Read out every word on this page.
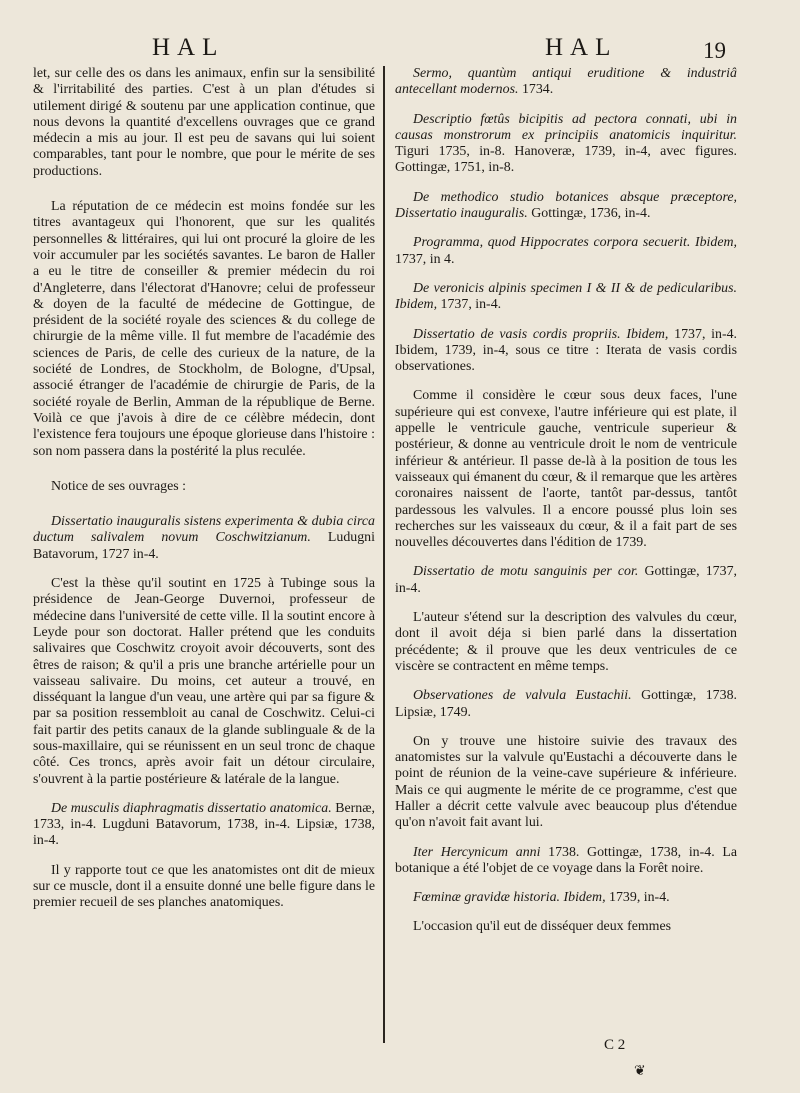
HAL	HAL	19

let, sur celle des os dans les animaux, enfin sur la sensibilité & l'irritabilité des parties. C'est à un plan d'études si utilement dirigé & soutenu par une application continue, que nous devons la quantité d'excellens ouvrages que ce grand médecin a mis au jour. Il est peu de savans qui lui soient comparables, tant pour le nombre, que pour le mérite de ses productions.

La réputation de ce médecin est moins fondée sur les titres avantageux qui l'honorent, que sur les qualités personnelles & littéraires, qui lui ont procuré la gloire de les voir accumuler par les sociétés savantes. Le baron de Haller a eu le titre de conseiller & premier médecin du roi d'Angleterre, dans l'électorat d'Hanovre; celui de professeur & doyen de la faculté de médecine de Gottingue, de président de la société royale des sciences & du college de chirurgie de la même ville. Il fut membre de l'académie des sciences de Paris, de celle des curieux de la nature, de la société de Londres, de Stockholm, de Bologne, d'Upsal, associé étranger de l'académie de chirurgie de Paris, de la société royale de Berlin, Amman de la république de Berne. Voilà ce que j'avois à dire de ce célèbre médecin, dont l'existence fera toujours une époque glorieuse dans l'histoire : son nom passera dans la postérité la plus reculée.

Notice de ses ouvrages :

Dissertatio inauguralis sistens experimenta & dubia circa ductum salivalem novum Coschwitzianum. Ludugni Batavorum, 1727 in-4.

C'est la thèse qu'il soutint en 1725 à Tubinge sous la présidence de Jean-George Duvernoi, professeur de médecine dans l'université de cette ville. Il la soutint encore à Leyde pour son doctorat. Haller prétend que les conduits salivaires que Coschwitz croyoit avoir découverts, sont des êtres de raison; & qu'il a pris une branche artérielle pour un vaisseau salivaire. Du moins, cet auteur a trouvé, en disséquant la langue d'un veau, une artère qui par sa figure & par sa position ressembloit au canal de Coschwitz. Celui-ci fait partir des petits canaux de la glande sublinguale & de la sous-maxillaire, qui se réunissent en un seul tronc de chaque côté. Ces troncs, après avoir fait un détour circulaire, s'ouvrent à la partie postérieure & latérale de la langue.

De musculis diaphragmatis dissertatio anatomica. Bernæ, 1733, in-4. Lugduni Batavorum, 1738, in-4. Lipsiæ, 1738, in-4.

Il y rapporte tout ce que les anatomistes ont dit de mieux sur ce muscle, dont il a ensuite donné une belle figure dans le premier recueil de ses planches anatomiques.

Sermo, quantùm antiqui eruditione & industriâ antecellant modernos. 1734.

Descriptio fœtûs bicipitis ad pectora connati, ubi in causas monstrorum ex principiis anatomicis inquiritur. Tiguri 1735, in-8. Hanoveræ, 1739, in-4, avec figures. Gottingæ, 1751, in-8.

De methodico studio botanices absque præceptore, Dissertatio inauguralis. Gottingæ, 1736, in-4.

Programma, quod Hippocrates corpora secuerit. Ibidem, 1737, in 4.

De veronicis alpinis specimen I & II & de pedicularibus. Ibidem, 1737, in-4.

Dissertatio de vasis cordis propriis. Ibidem, 1737, in-4. Ibidem, 1739, in-4, sous ce titre : Iterata de vasis cordis observationes.

Comme il considère le cœur sous deux faces, l'une supérieure qui est convexe, l'autre inférieure qui est plate, il appelle le ventricule gauche, ventricule superieur & postérieur, & donne au ventricule droit le nom de ventricule inférieur & antérieur. Il passe de-là à la position de tous les vaisseaux qui émanent du cœur, & il remarque que les artères coronaires naissent de l'aorte, tantôt par-dessus, tantôt pardessous les valvules. Il a encore poussé plus loin ses recherches sur les vaisseaux du cœur, & il a fait part de ses nouvelles découvertes dans l'édition de 1739.

Dissertatio de motu sanguinis per cor. Gottingæ, 1737, in-4.

L'auteur s'étend sur la description des valvules du cœur, dont il avoit déja si bien parlé dans la dissertation précédente; & il prouve que les deux ventricules de ce viscère se contractent en même temps.

Observationes de valvula Eustachii. Gottingæ, 1738. Lipsiæ, 1749.

On y trouve une histoire suivie des travaux des anatomistes sur la valvule qu'Eustachi a découverte dans le point de réunion de la veine-cave supérieure & inférieure. Mais ce qui augmente le mérite de ce programme, c'est que Haller a décrit cette valvule avec beaucoup plus d'étendue qu'on n'avoit fait avant lui.

Iter Hercynicum anni 1738. Gottingæ, 1738, in-4. La botanique a été l'objet de ce voyage dans la Forêt noire.

Fœminæ gravidæ historia. Ibidem, 1739, in-4.

L'occasion qu'il eut de disséquer deux femmes

C 2
❦
